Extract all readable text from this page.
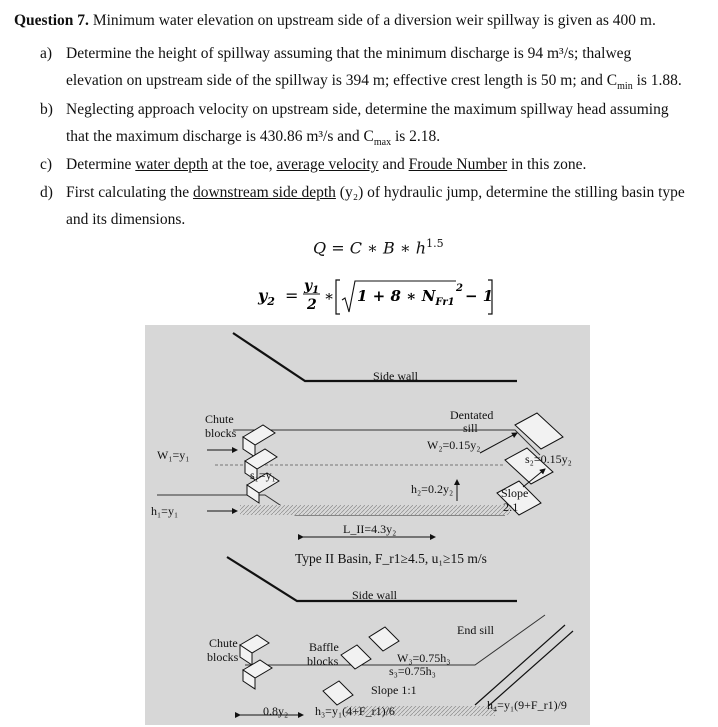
Question 7. Minimum water elevation on upstream side of a diversion weir spillway is given as 400 m.
a) Determine the height of spillway assuming that the minimum discharge is 94 m³/s; thalweg
elevation on upstream side of the spillway is 394 m; effective crest length is 50 m; and $C_{min}$ is 1.88.
b) Neglecting approach velocity on upstream side, determine the maximum spillway head assuming
that the maximum discharge is 430.86 m³/s and $C_{max}$ is 2.18.
c) Determine water depth at the toe, average velocity and Froude Number in this zone.
d) First calculating the downstream side depth (y₂) of hydraulic jump, determine the stilling basin type
and its dimensions.
Q = C ∗ B ∗ $h^{1.5}$
$y_2 = y_1$
2 ∗ 1 + 8 ∗ $N_{Fr1}$
2 − 1
Side wall
Chute
blocks
W₁=y₁
s₁=y₁
h₁=y₁
Dentated
sill
W₂=0.15y₂
s₂=0.15y₂
h₂=0.2y₂	Slope
2:1
L_II=4.3y₂
Type II Basin, F_r1≥4.5, u₁≥15 m/s
Side wall
End sill
Chute
blocks
Baffle
blocks	W₃=0.75h₃
s₃=0.75h₃
Slope 1:1
h₃=y₁(4+F_r1)/6	h₄=y₁(9+F_r1)/9
0.8y₂
